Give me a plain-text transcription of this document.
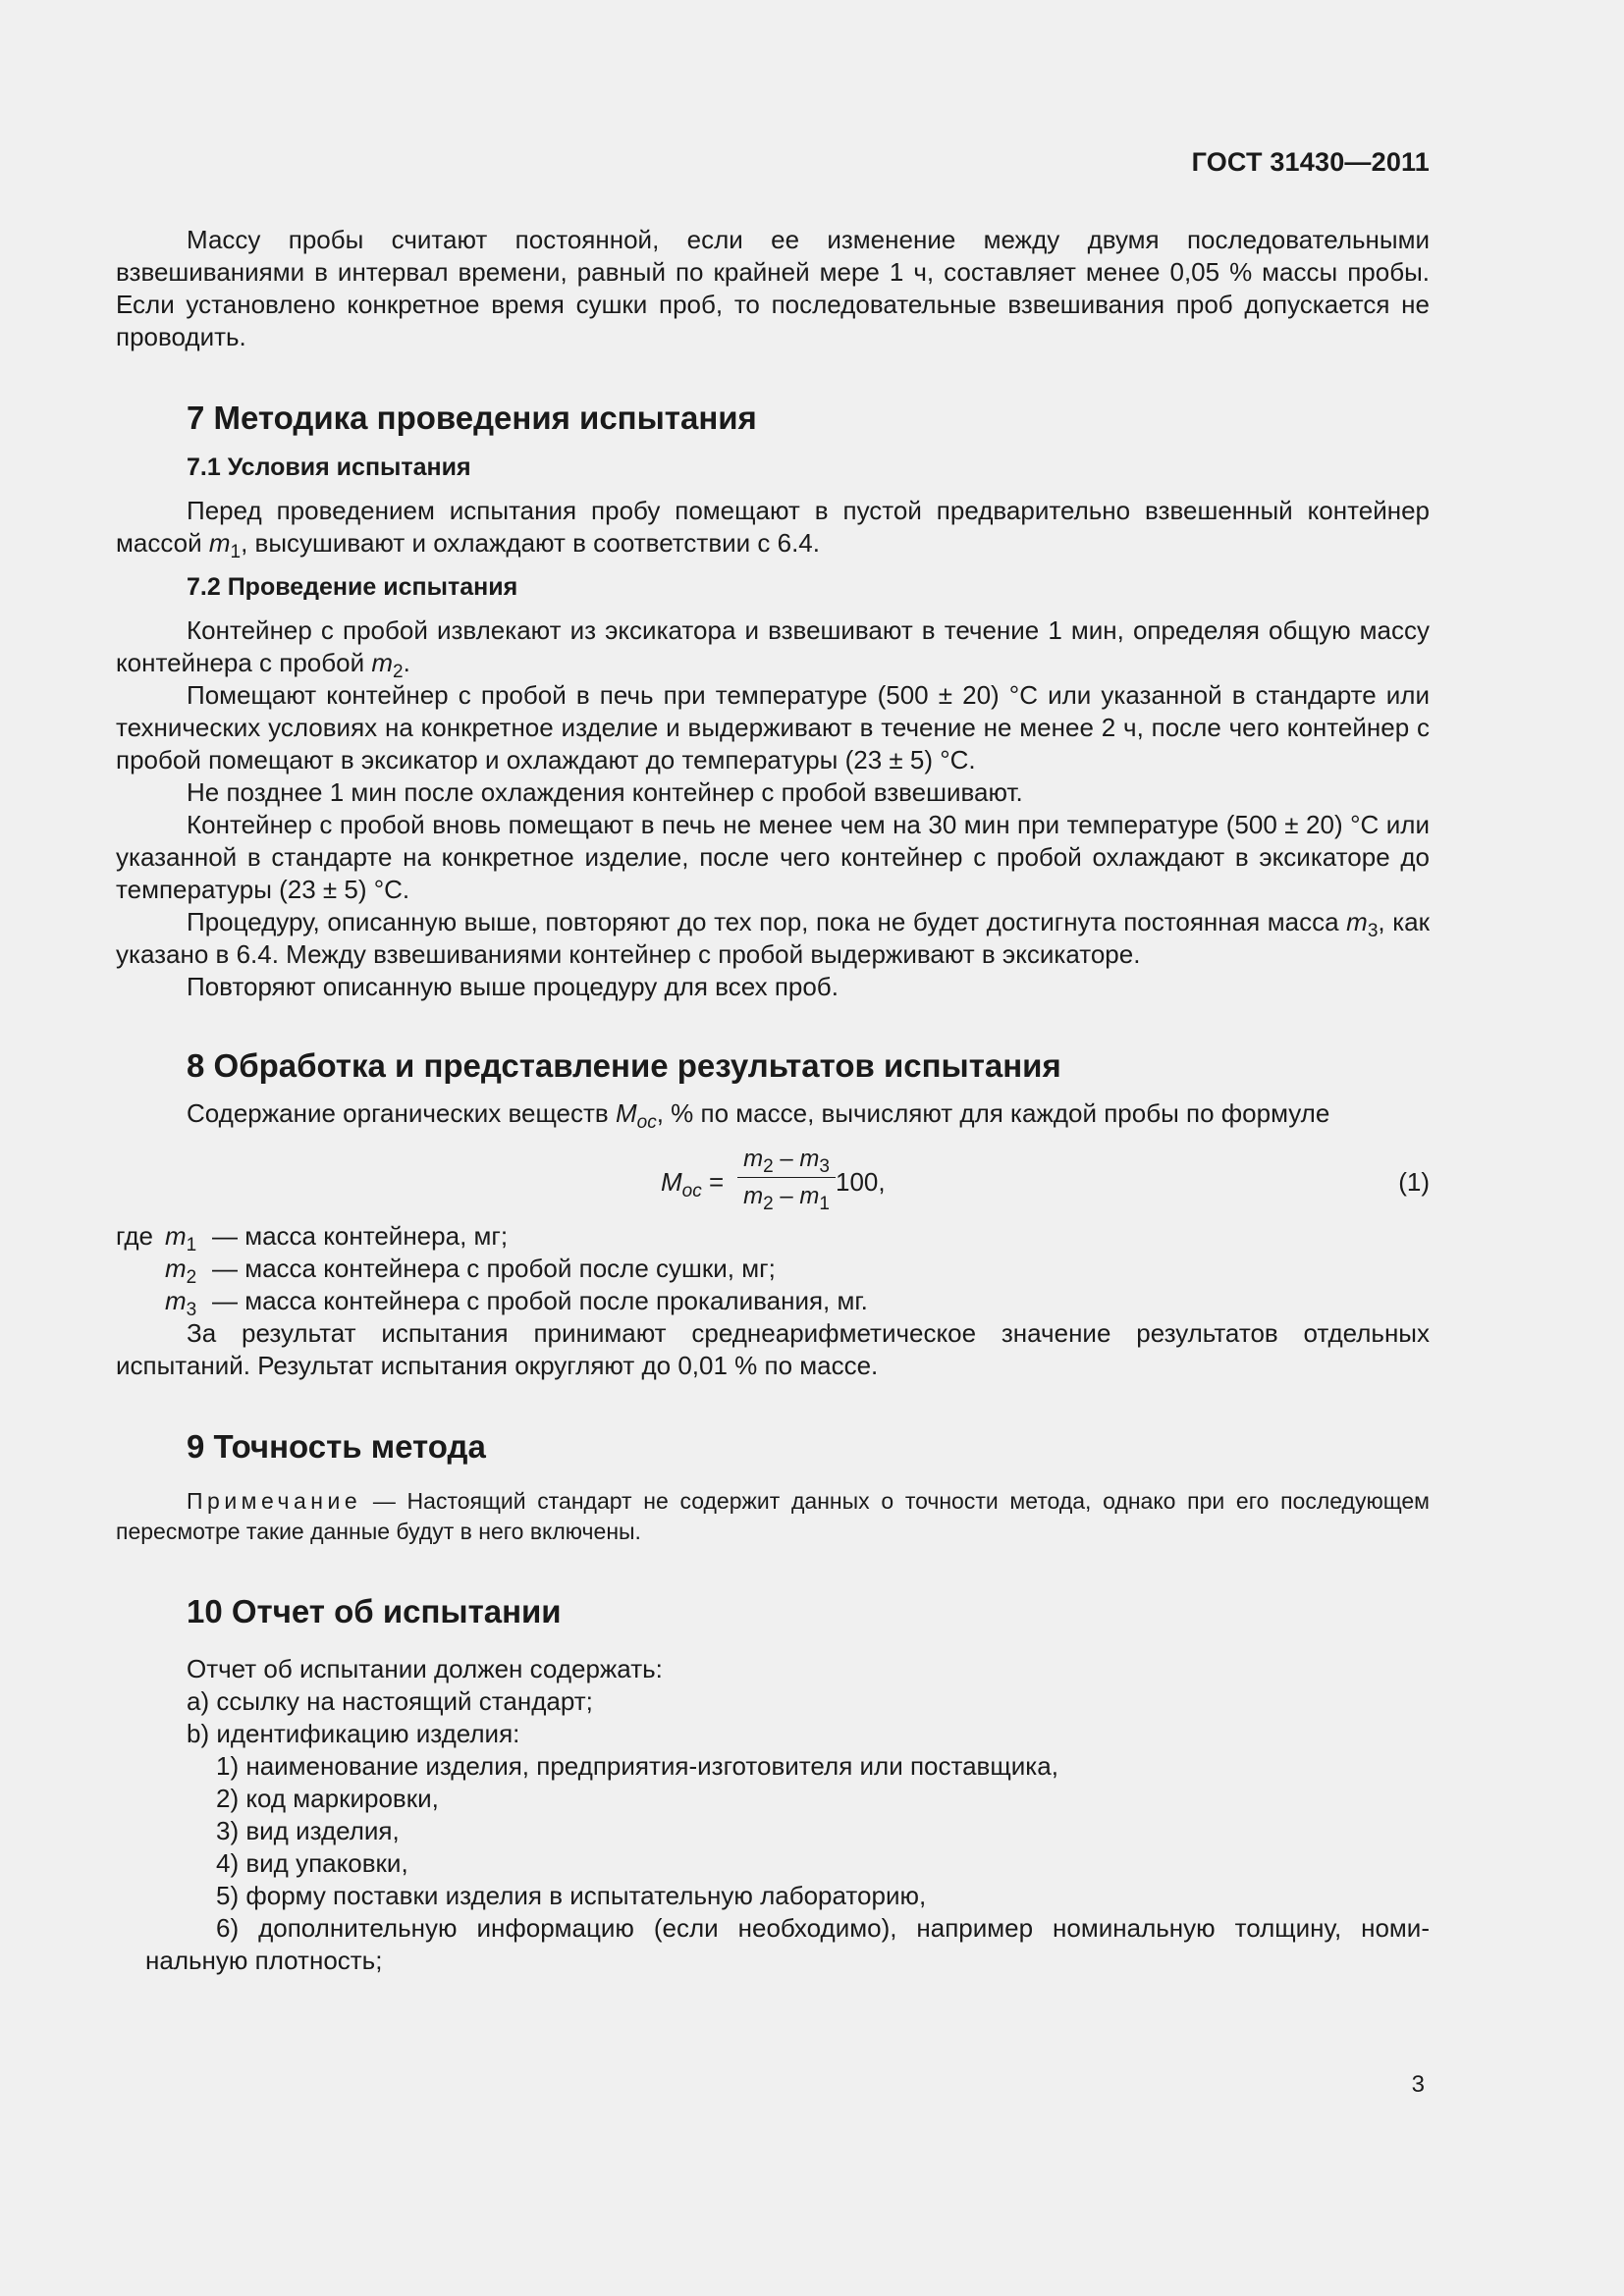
ГОСТ 31430—2011

Массу пробы считают постоянной, если ее изменение между двумя последовательными взвешиваниями в интервал времени, равный по крайней мере 1 ч, составляет менее 0,05 % массы пробы. Если установлено конкретное время сушки проб, то последовательные взвешивания проб допускается не проводить.

7 Методика проведения испытания
7.1 Условия испытания

Перед проведением испытания пробу помещают в пустой предварительно взвешенный контейнер массой $m_1$, высушивают и охлаждают в соответствии с 6.4.

7.2 Проведение испытания

Контейнер с пробой извлекают из эксикатора и взвешивают в течение 1 мин, определяя общую массу контейнера с пробой $m_2$.

Помещают контейнер с пробой в печь при температуре (500 ± 20) °С или указанной в стандарте или технических условиях на конкретное изделие и выдерживают в течение не менее 2 ч, после чего контейнер с пробой помещают в эксикатор и охлаждают до температуры (23 ± 5) °С.

Не позднее 1 мин после охлаждения контейнер с пробой взвешивают.

Контейнер с пробой вновь помещают в печь не менее чем на 30 мин при температуре (500 ± 20) °С или указанной в стандарте на конкретное изделие, после чего контейнер с пробой охлаждают в эксикаторе до температуры (23 ± 5) °С.

Процедуру, описанную выше, повторяют до тех пор, пока не будет достигнута постоянная масса $m_3$, как указано в 6.4. Между взвешиваниями контейнер с пробой выдерживают в эксикаторе.

Повторяют описанную выше процедуру для всех проб.

8 Обработка и представление результатов испытания

Содержание органических веществ $M_{oc}$, % по массе, вычисляют для каждой пробы по формуле

$M_{oc} = \frac{m_2 - m_3}{m_2 - m_1} 100$,	(1)
где $m_1$ — масса контейнера, мг;
$m_2$ — масса контейнера с пробой после сушки, мг;
$m_3$ — масса контейнера с пробой после прокаливания, мг.

За результат испытания принимают среднеарифметическое значение результатов отдельных испытаний. Результат испытания округляют до 0,01 % по массе.

9 Точность метода

Примечание — Настоящий стандарт не содержит данных о точности метода, однако при его последующем пересмотре такие данные будут в него включены.

10 Отчет об испытании

Отчет об испытании должен содержать:

а) ссылку на настоящий стандарт;

b) идентификацию изделия:

1) наименование изделия, предприятия-изготовителя или поставщика,

2) код маркировки,

3) вид изделия,

4) вид упаковки,

5) форму поставки изделия в испытательную лабораторию,

6) дополнительную информацию (если необходимо), например номинальную толщину, номи-

нальную плотность;

3
